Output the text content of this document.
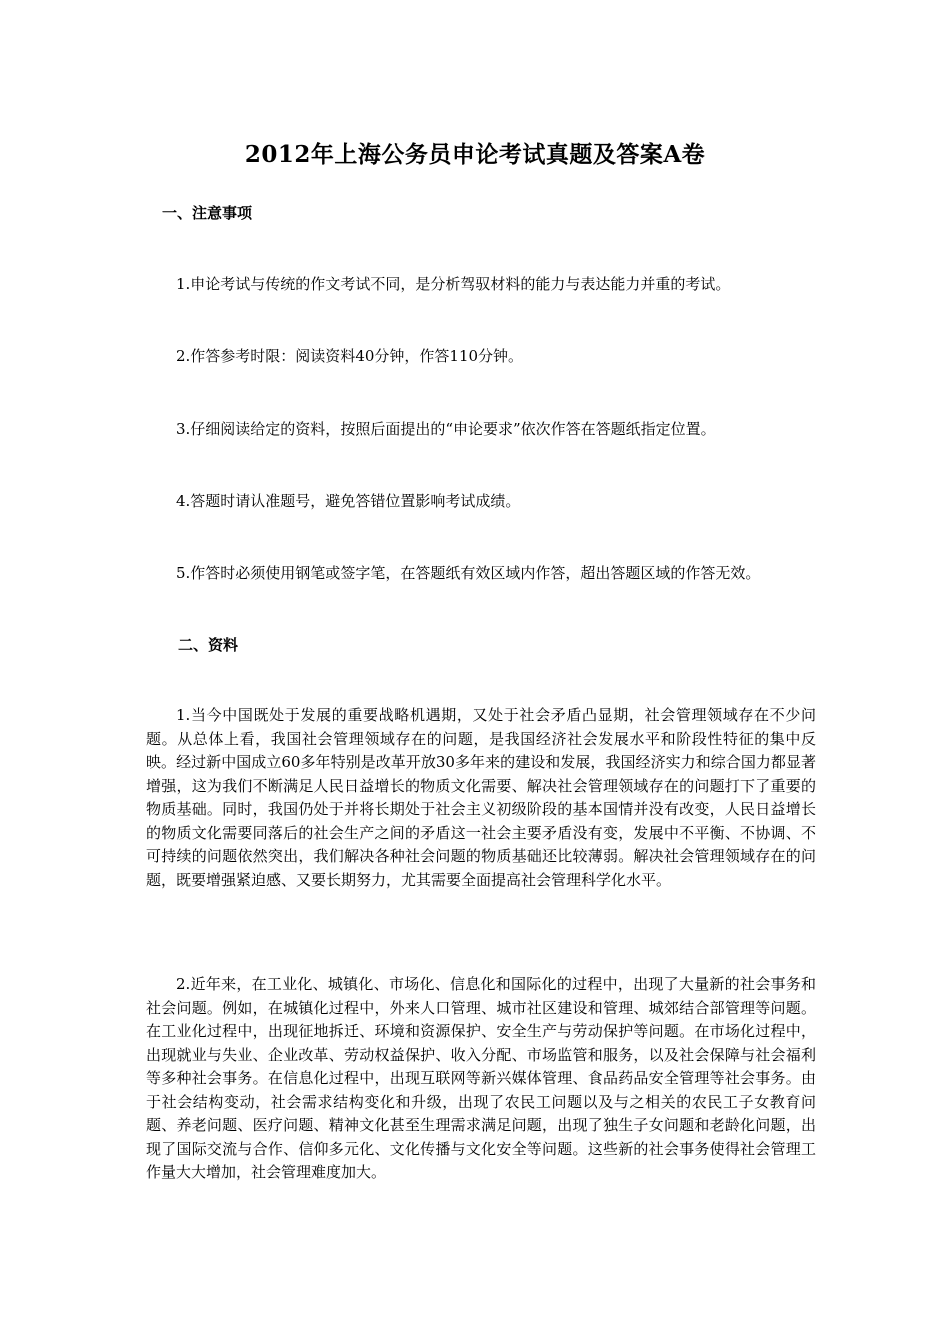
2012年上海公务员申论考试真题及答案A卷
一、注意事项

1.申论考试与传统的作文考试不同，是分析驾驭材料的能力与表达能力并重的考试。

2.作答参考时限：阅读资料40分钟，作答110分钟。

3.仔细阅读给定的资料，按照后面提出的“申论要求”依次作答在答题纸指定位置。

4.答题时请认准题号，避免答错位置影响考试成绩。

5.作答时必须使用钢笔或签字笔，在答题纸有效区域内作答，超出答题区域的作答无效。

二、资料

1.当今中国既处于发展的重要战略机遇期，又处于社会矛盾凸显期，社会管理领域存在不少问题。从总体上看，我国社会管理领域存在的问题，是我国经济社会发展水平和阶段性特征的集中反映。经过新中国成立60多年特别是改革开放30多年来的建设和发展，我国经济实力和综合国力都显著增强，这为我们不断满足人民日益增长的物质文化需要、解决社会管理领域存在的问题打下了重要的物质基础。同时，我国仍处于并将长期处于社会主义初级阶段的基本国情并没有改变，人民日益增长的物质文化需要同落后的社会生产之间的矛盾这一社会主要矛盾没有变，发展中不平衡、不协调、不可持续的问题依然突出，我们解决各种社会问题的物质基础还比较薄弱。解决社会管理领域存在的问题，既要增强紧迫感、又要长期努力，尤其需要全面提高社会管理科学化水平。

2.近年来，在工业化、城镇化、市场化、信息化和国际化的过程中，出现了大量新的社会事务和社会问题。例如，在城镇化过程中，外来人口管理、城市社区建设和管理、城郊结合部管理等问题。在工业化过程中，出现征地拆迁、环境和资源保护、安全生产与劳动保护等问题。在市场化过程中，出现就业与失业、企业改革、劳动权益保护、收入分配、市场监管和服务，以及社会保障与社会福利等多种社会事务。在信息化过程中，出现互联网等新兴媒体管理、食品药品安全管理等社会事务。由于社会结构变动，社会需求结构变化和升级，出现了农民工问题以及与之相关的农民工子女教育问题、养老问题、医疗问题、精神文化甚至生理需求满足问题，出现了独生子女问题和老龄化问题，出现了国际交流与合作、信仰多元化、文化传播与文化安全等问题。这些新的社会事务使得社会管理工作量大大增加，社会管理难度加大。
